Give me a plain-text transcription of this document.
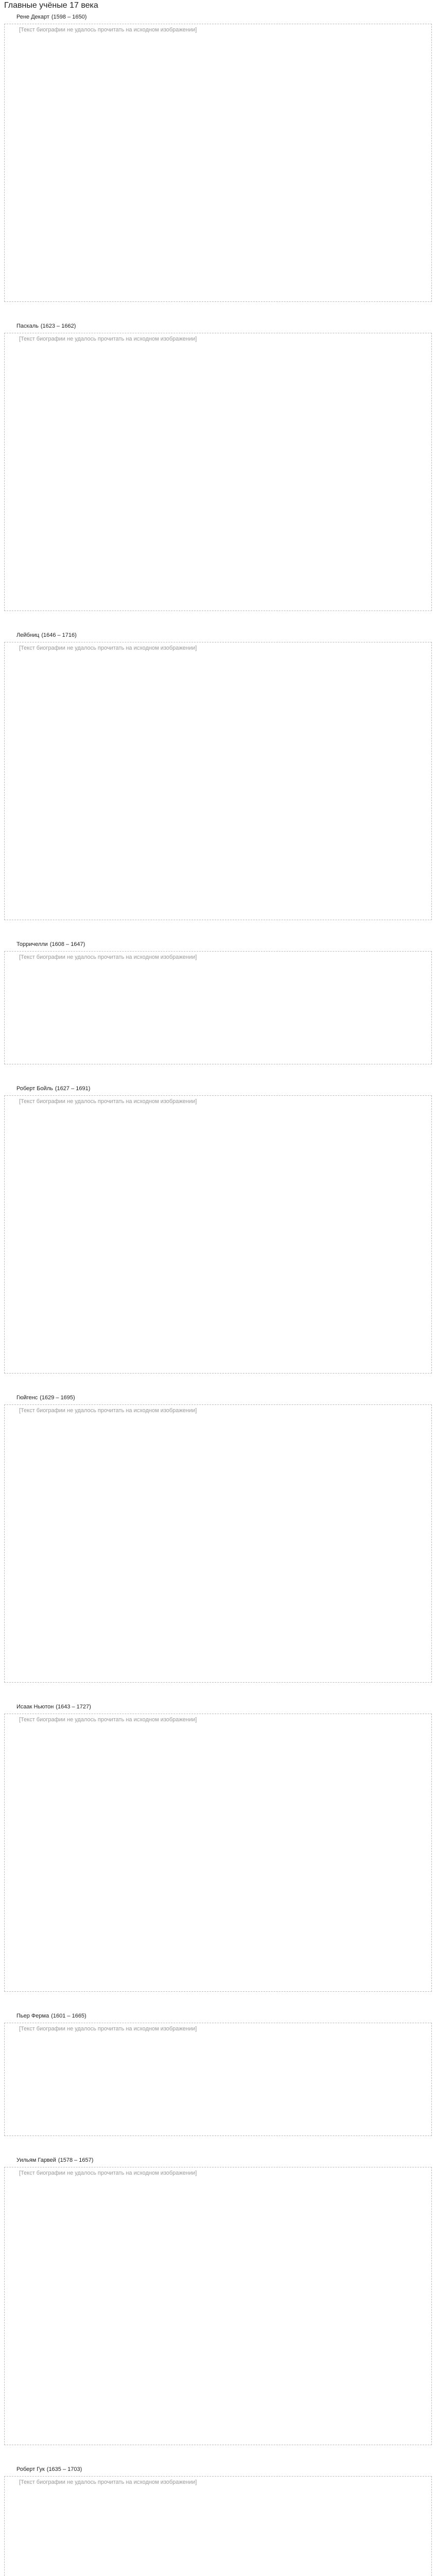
Главные учёные 17 века
Рене Декарт (1598 – 1650)

[Текст биографии не удалось прочитать на исходном изображении]

Паскаль (1623 – 1662)

[Текст биографии не удалось прочитать на исходном изображении]

Лейбниц (1646 – 1716)

[Текст биографии не удалось прочитать на исходном изображении]

Торричелли (1608 – 1647)

[Текст биографии не удалось прочитать на исходном изображении]

Роберт Бойль (1627 – 1691)

[Текст биографии не удалось прочитать на исходном изображении]

Гюйгенс (1629 – 1695)

[Текст биографии не удалось прочитать на исходном изображении]

Исаак Ньютон (1643 – 1727)

[Текст биографии не удалось прочитать на исходном изображении]

Пьер Ферма (1601 – 1665)

[Текст биографии не удалось прочитать на исходном изображении]

Уильям Гарвей (1578 – 1657)

[Текст биографии не удалось прочитать на исходном изображении]

Роберт Гук (1635 – 1703)

[Текст биографии не удалось прочитать на исходном изображении]
